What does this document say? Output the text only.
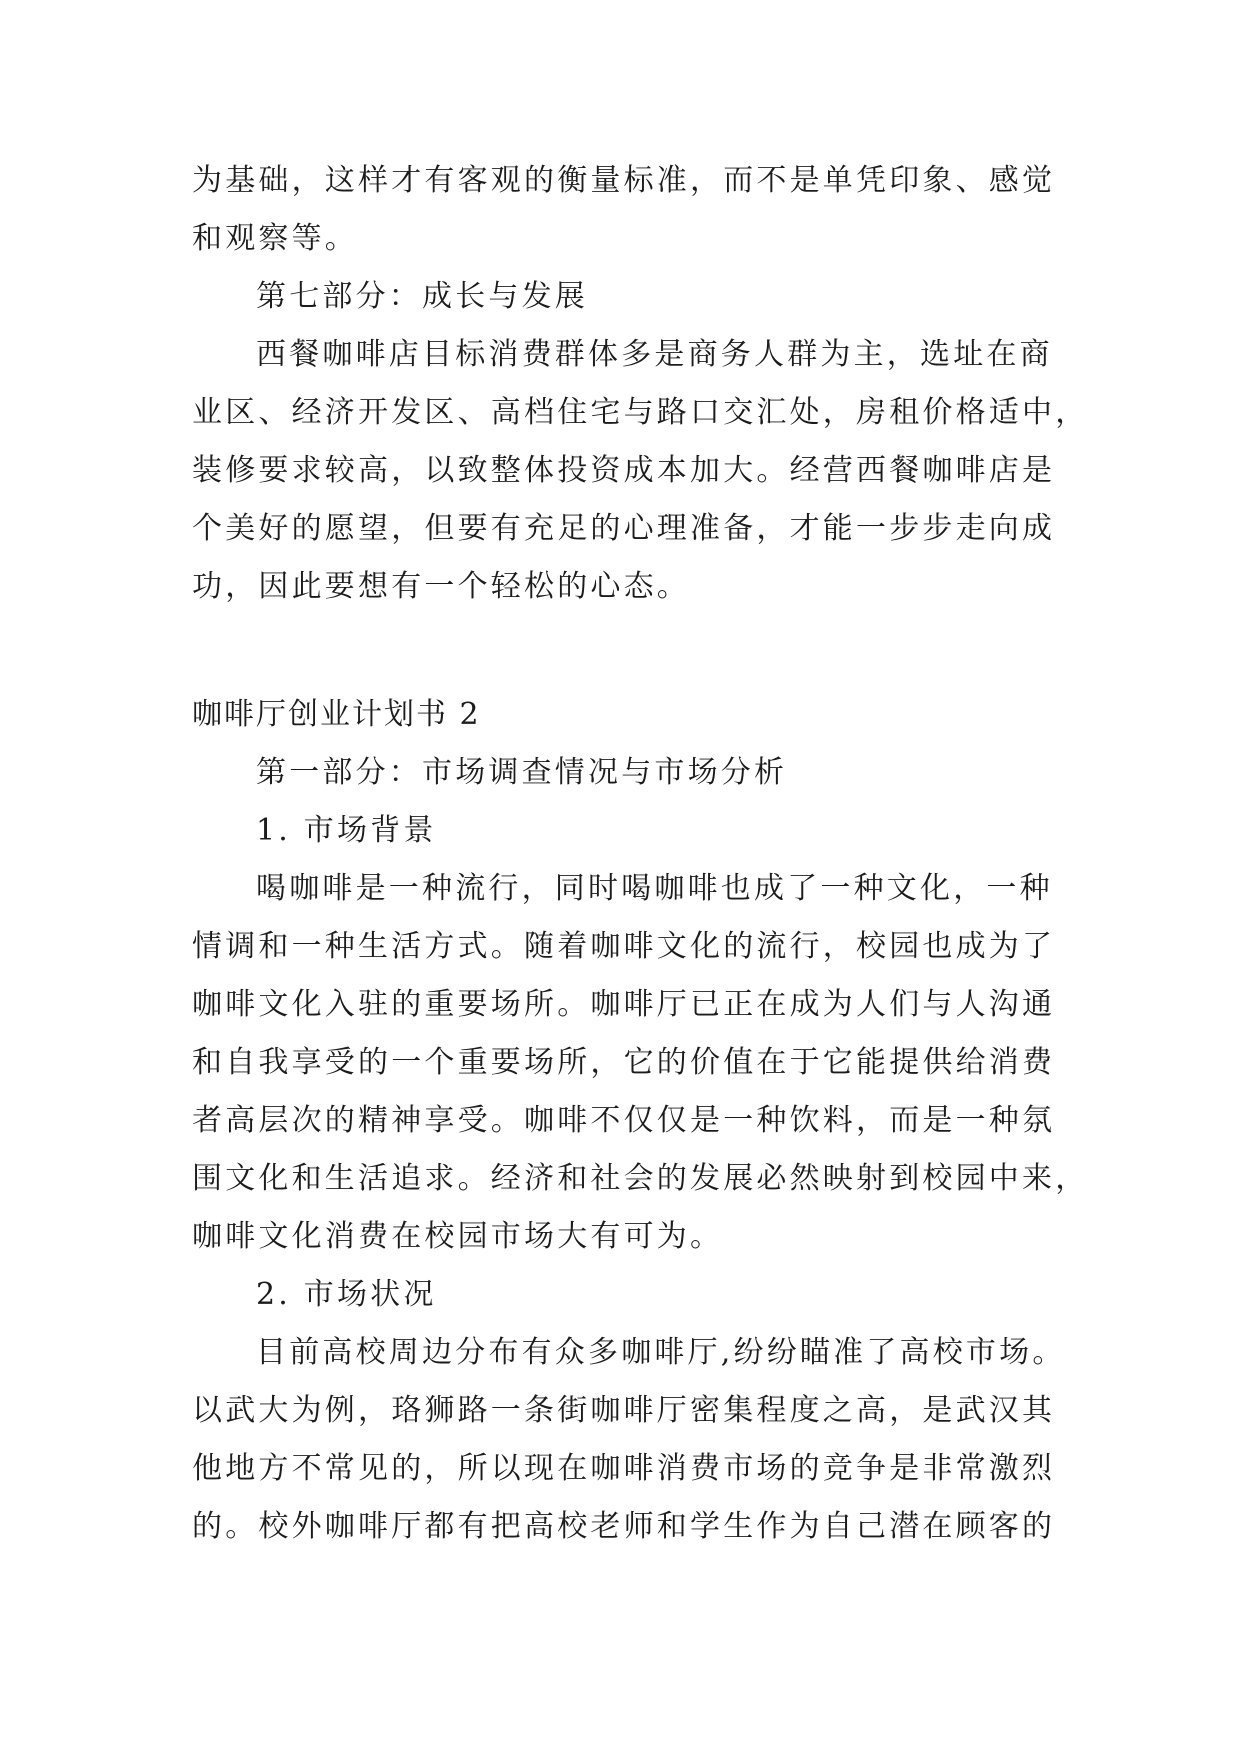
为基础，这样才有客观的衡量标准，而不是单凭印象、感觉
和观察等。
第七部分：成长与发展
西餐咖啡店目标消费群体多是商务人群为主，选址在商
业区、经济开发区、高档住宅与路口交汇处，房租价格适中，
装修要求较高，以致整体投资成本加大。经营西餐咖啡店是
个美好的愿望，但要有充足的心理准备，才能一步步走向成
功，因此要想有一个轻松的心态。
咖啡厅创业计划书 2
第一部分：市场调查情况与市场分析
1. 市场背景
喝咖啡是一种流行，同时喝咖啡也成了一种文化，一种
情调和一种生活方式。随着咖啡文化的流行，校园也成为了
咖啡文化入驻的重要场所。咖啡厅已正在成为人们与人沟通
和自我享受的一个重要场所，它的价值在于它能提供给消费
者高层次的精神享受。咖啡不仅仅是一种饮料，而是一种氛
围文化和生活追求。经济和社会的发展必然映射到校园中来，
咖啡文化消费在校园市场大有可为。
2. 市场状况
目前高校周边分布有众多咖啡厅,纷纷瞄准了高校市场。
以武大为例，珞狮路一条街咖啡厅密集程度之高，是武汉其
他地方不常见的，所以现在咖啡消费市场的竞争是非常激烈
的。校外咖啡厅都有把高校老师和学生作为自己潜在顾客的
